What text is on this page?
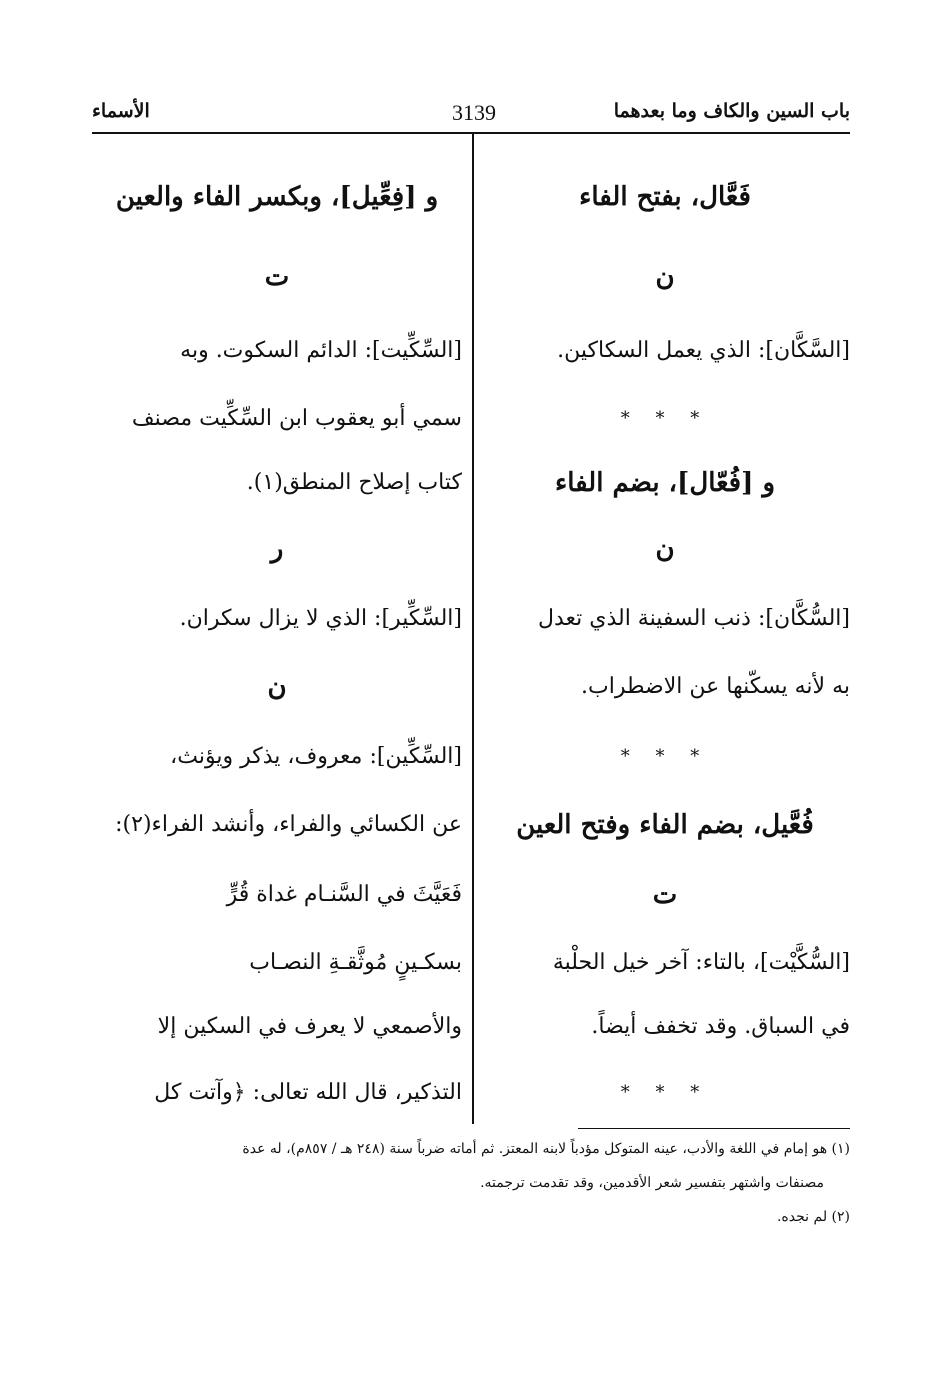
الأسماء	3139	باب السين والكاف وما بعدهما
فَعَّال، بفتح الفاء
ن
[السَّكَّان]: الذي يعمل السكاكين.
* * *
و [فُعّال]، بضم الفاء
ن
[السُّكَّان]: ذنب السفينة الذي تعدل
به لأنه يسكّنها عن الاضطراب.
* * *
فُعَّيل، بضم الفاء وفتح العين
ت
[السُّكَّيْت]، بالتاء: آخر خيل الحلْبة
في السباق. وقد تخفف أيضاً.
* * *
و [فِعِّيل]، وبكسر الفاء والعين
ت
[السِّكِّيت]: الدائم السكوت. وبه
سمي أبو يعقوب ابن السِّكِّيت مصنف
كتاب إصلاح المنطق(١).
ر
[السِّكِّير]: الذي لا يزال سكران.
ن
[السِّكِّين]: معروف، يذكر ويؤنث،
عن الكسائي والفراء، وأنشد الفراء(٢):
فَعَيَّثَ في السَّنـام غداة قُرٍّ
بسكـينٍ مُوثَّقـةِ النصـاب
والأصمعي لا يعرف في السكين إلا
التذكير، قال الله تعالى: ﴿وآتت كل
(١) هو إمام في اللغة والأدب، عينه المتوكل مؤدباً لابنه المعتز. ثم أماته ضرباً سنة (٢٤٨ هـ / ٨٥٧م)، له عدة
مصنفات واشتهر بتفسير شعر الأقدمين، وقد تقدمت ترجمته.
(٢) لم نجده.
